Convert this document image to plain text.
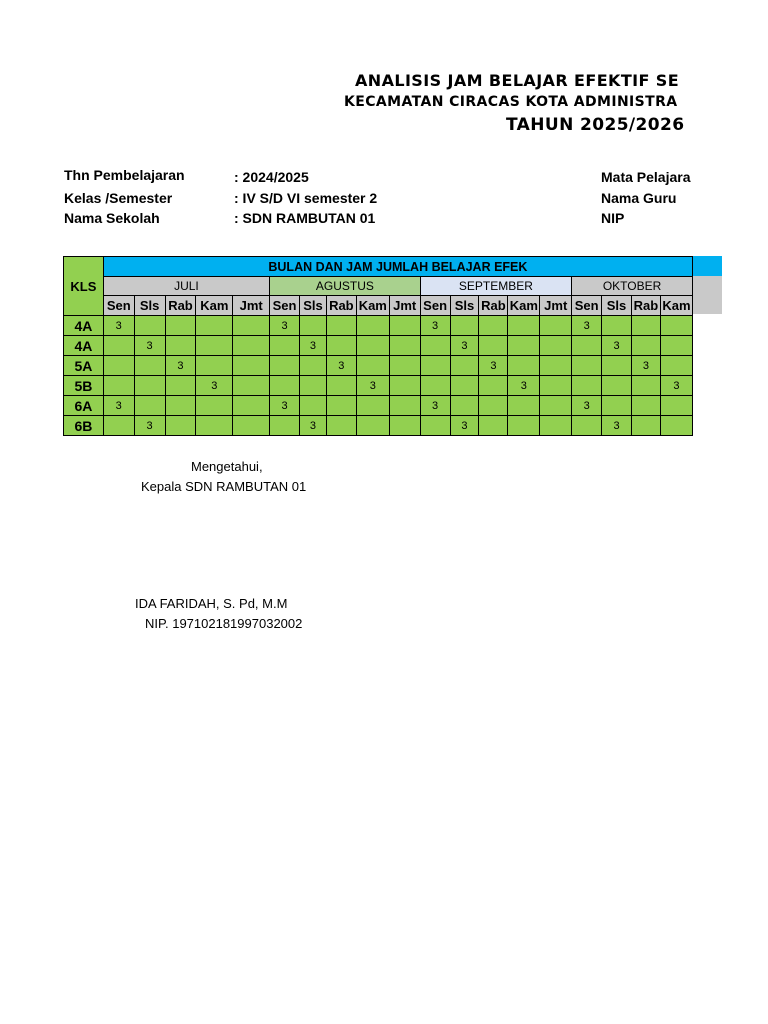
ANALISIS JAM BELAJAR EFEKTIF SE
KECAMATAN CIRACAS KOTA ADMINISTRA
TAHUN 2025/2026
Thn Pembelajaran	: 2024/2025
Kelas /Semester	: IV S/D VI semester 2
Nama Sekolah	: SDN RAMBUTAN 01
Mata Pelajara
Nama Guru
NIP
KLS	BULAN DAN JAM JUMLAH BELAJAR EFEK																		
	JULI					AGUSTUS					SEPTEMBER					OKTOBER			
	Sen	Sls	Rab	Kam	Jmt	Sen	Sls	Rab	Kam	Jmt	Sen	Sls	Rab	Kam	Jmt	Sen	Sls	Rab	Kam
4A	3					3					3					3			
4A		3					3					3					3		
5A			3					3					3					3	
5B				3					3					3					3
6A	3					3					3					3			
6B		3					3					3					3		
Mengetahui,
Kepala SDN RAMBUTAN 01
IDA FARIDAH, S. Pd, M.M
NIP. 197102181997032002
